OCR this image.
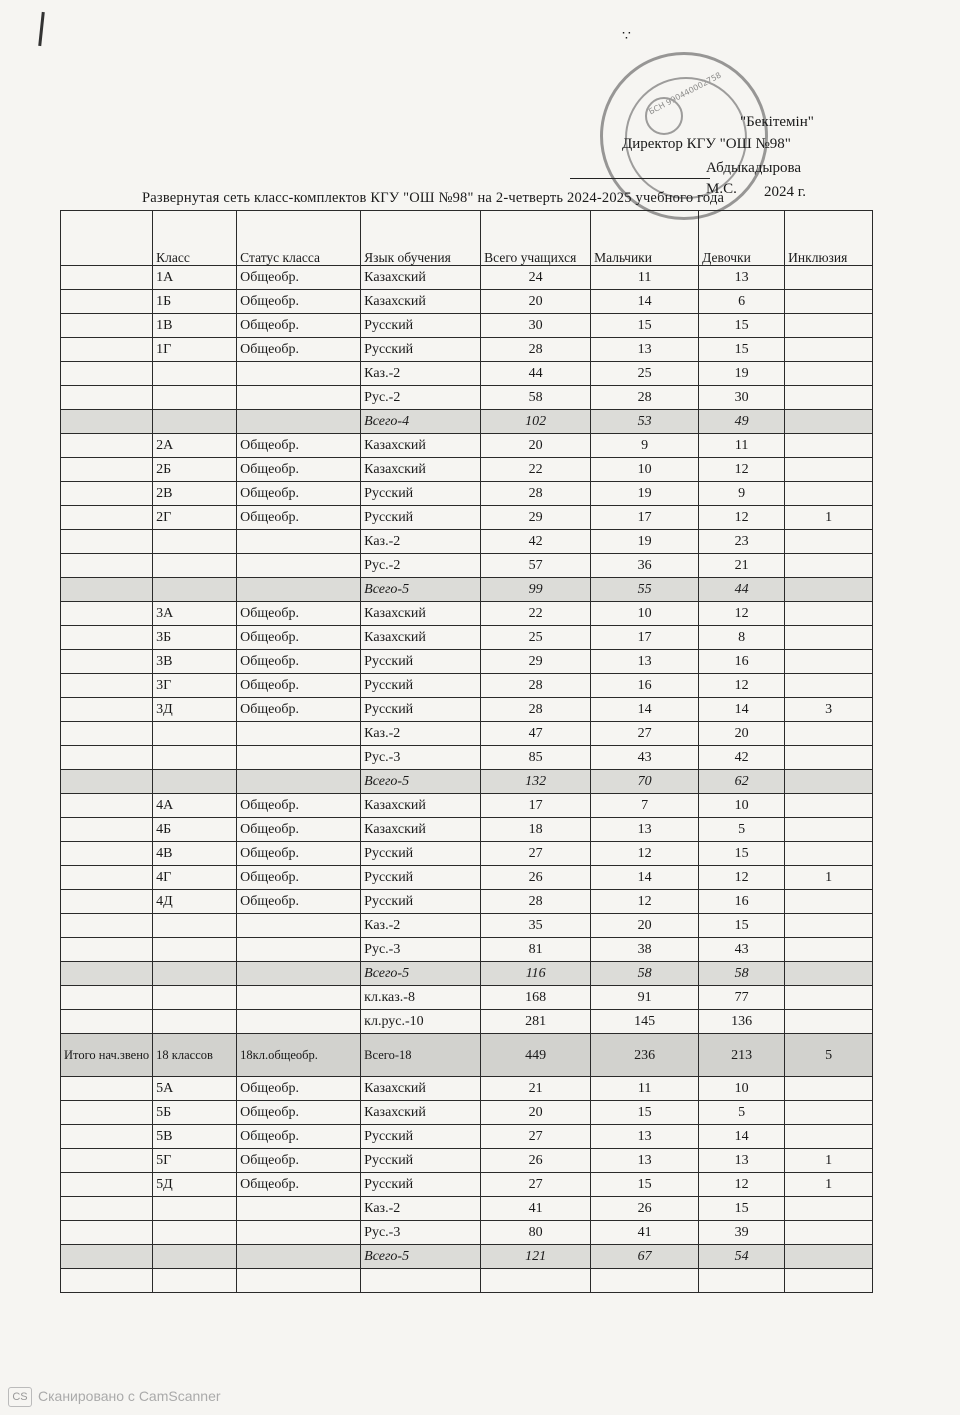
∵
БСН 990440002758
"Бекітемін"
Директор КГУ "ОШ №98"
Абдыкадырова М.С.	2024 г.
Развернутая сеть класс-комплектов КГУ "ОШ №98" на 2-четверть 2024-2025 учебного года
	Класс	Статус класса	Язык обучения	Всего учащихся	Мальчики	Девочки	Инклюзия
	1А	Общеобр.	Казахский	24	11	13	
	1Б	Общеобр.	Казахский	20	14	6	
	1В	Общеобр.	Русский	30	15	15	
	1Г	Общеобр.	Русский	28	13	15	
			Каз.-2	44	25	19	
			Рус.-2	58	28	30	
			Всего-4	102	53	49	
	2А	Общеобр.	Казахский	20	9	11	
	2Б	Общеобр.	Казахский	22	10	12	
	2В	Общеобр.	Русский	28	19	9	
	2Г	Общеобр.	Русский	29	17	12	1
			Каз.-2	42	19	23	
			Рус.-2	57	36	21	
			Всего-5	99	55	44	
	3А	Общеобр.	Казахский	22	10	12	
	3Б	Общеобр.	Казахский	25	17	8	
	3В	Общеобр.	Русский	29	13	16	
	3Г	Общеобр.	Русский	28	16	12	
	3Д	Общеобр.	Русский	28	14	14	3
			Каз.-2	47	27	20	
			Рус.-3	85	43	42	
			Всего-5	132	70	62	
	4А	Общеобр.	Казахский	17	7	10	
	4Б	Общеобр.	Казахский	18	13	5	
	4В	Общеобр.	Русский	27	12	15	
	4Г	Общеобр.	Русский	26	14	12	1
	4Д	Общеобр.	Русский	28	12	16	
			Каз.-2	35	20	15	
			Рус.-3	81	38	43	
			Всего-5	116	58	58	
			кл.каз.-8	168	91	77	
			кл.рус.-10	281	145	136	
Итого нач.звено	18 классов	18кл.общеобр.	Всего-18	449	236	213	5
	5А	Общеобр.	Казахский	21	11	10	
	5Б	Общеобр.	Казахский	20	15	5	
	5В	Общеобр.	Русский	27	13	14	
	5Г	Общеобр.	Русский	26	13	13	1
	5Д	Общеобр.	Русский	27	15	12	1
			Каз.-2	41	26	15	
			Рус.-3	80	41	39	
			Всего-5	121	67	54	

CS Сканировано с CamScanner
